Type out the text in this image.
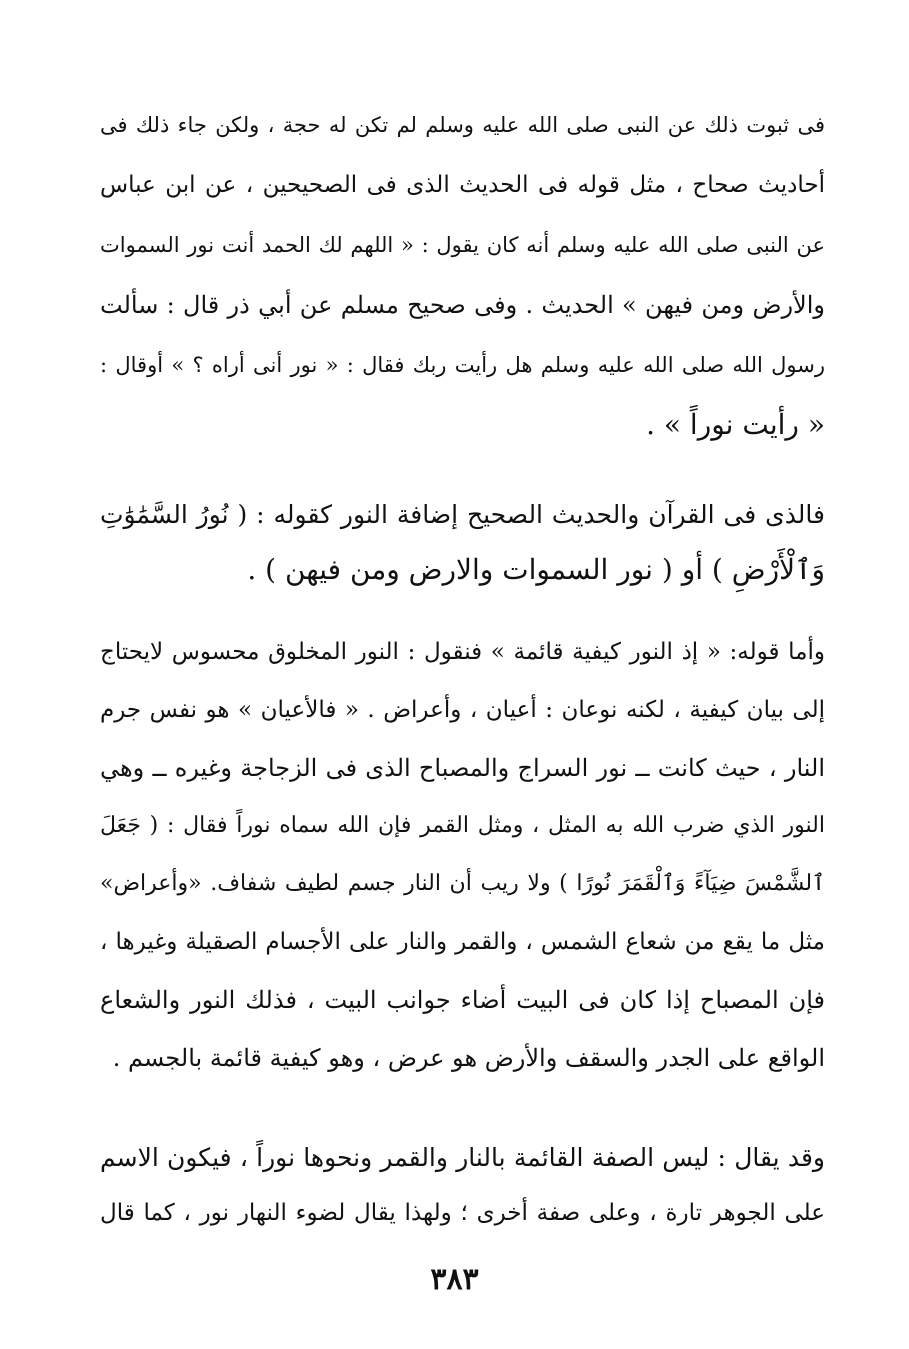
فى ثبوت ذلك عن النبى صلى الله عليه وسلم لم تكن له حجة ، ولكن جاء ذلك فى
أحاديث صحاح ، مثل قوله فى الحديث الذى فى الصحيحين ، عن ابن عباس
عن النبى صلى الله عليه وسلم أنه كان يقول : « اللهم لك الحمد أنت نور السموات
والأرض ومن فيهن » الحديث . وفى صحيح مسلم عن أبي ذر قال : سألت
رسول الله صلى الله عليه وسلم هل رأيت ربك فقال : « نور أنى أراه ؟ » أوقال :
« رأيت نوراً » .
فالذى فى القرآن والحديث الصحيح إضافة النور كقوله : ( نُورُ السَّمَٰوَٰتِ
وَٱلْأَرْضِ ) أو ( نور السموات والارض ومن فيهن ) .
وأما قوله: « إذ النور كيفية قائمة » فنقول : النور المخلوق محسوس لايحتاج
إلى بيان كيفية ، لكنه نوعان : أعيان ، وأعراض . « فالأعيان » هو نفس جرم
النار ، حيث كانت ــ نور السراج والمصباح الذى فى الزجاجة وغيره ــ وهي
النور الذي ضرب الله به المثل ، ومثل القمر فإن الله سماه نوراً فقال : ( جَعَلَ
ٱلشَّمْسَ ضِيَآءً وَٱلْقَمَرَ نُورًا ) ولا ريب أن النار جسم لطيف شفاف. «وأعراض»
مثل ما يقع من شعاع الشمس ، والقمر والنار على الأجسام الصقيلة وغيرها ،
فإن المصباح إذا كان فى البيت أضاء جوانب البيت ، فذلك النور والشعاع
الواقع على الجدر والسقف والأرض هو عرض ، وهو كيفية قائمة بالجسم .
وقد يقال : ليس الصفة القائمة بالنار والقمر ونحوها نوراً ، فيكون الاسم
على الجوهر تارة ، وعلى صفة أخرى ؛ ولهذا يقال لضوء النهار نور ، كما قال
٣٨٣
